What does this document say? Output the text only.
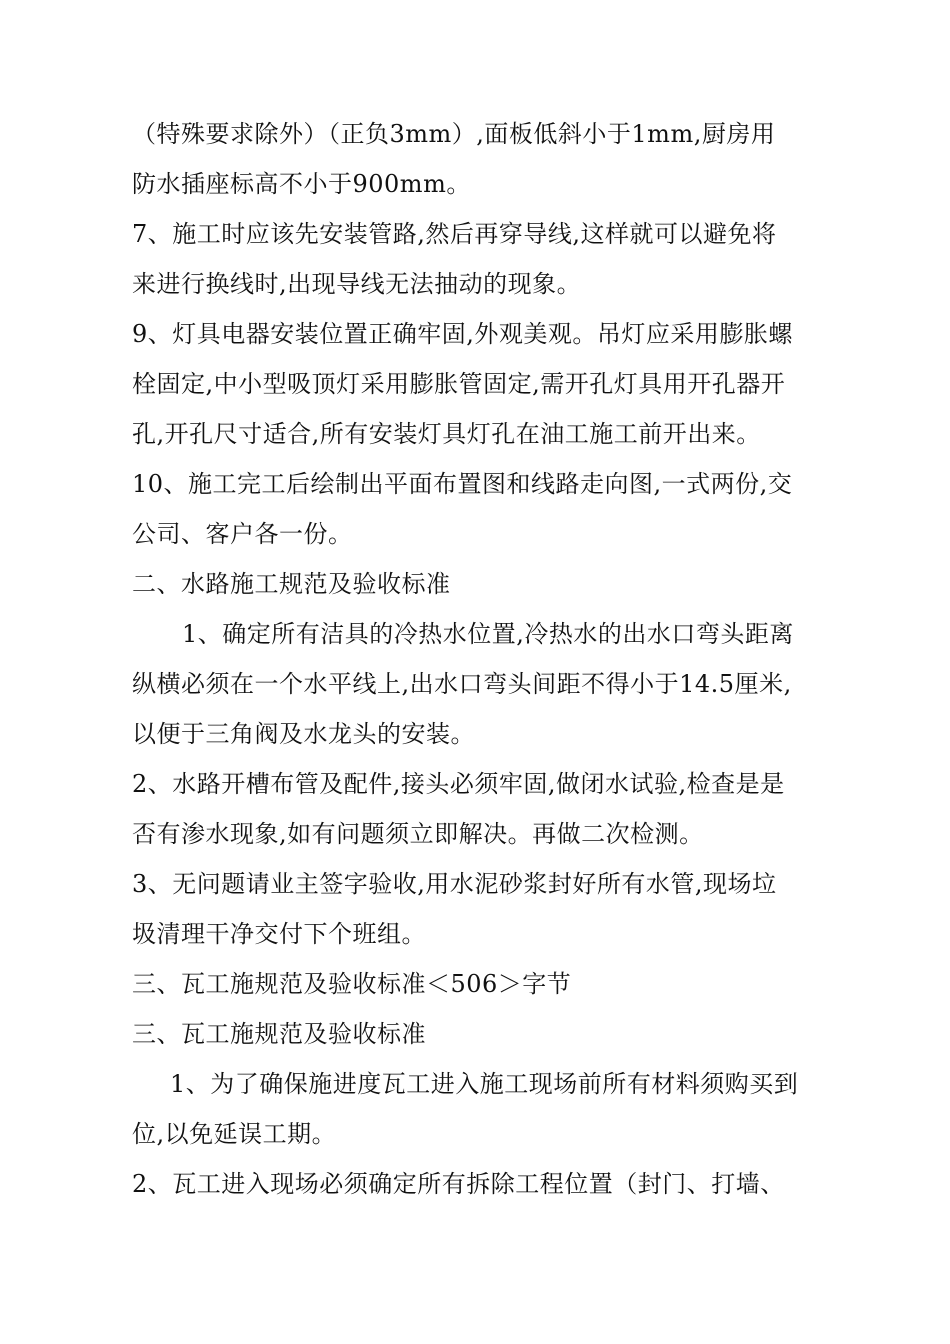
（特殊要求除外）（正负3mm）,面板低斜小于1mm,厨房用
防水插座标高不小于900mm。
7、施工时应该先安装管路,然后再穿导线,这样就可以避免将
来进行换线时,出现导线无法抽动的现象。
9、灯具电器安装位置正确牢固,外观美观。吊灯应采用膨胀螺
栓固定,中小型吸顶灯采用膨胀管固定,需开孔灯具用开孔器开
孔,开孔尺寸适合,所有安装灯具灯孔在油工施工前开出来。
10、施工完工后绘制出平面布置图和线路走向图,一式两份,交
公司、客户各一份。
二、水路施工规范及验收标准
1、确定所有洁具的冷热水位置,冷热水的出水口弯头距离
纵横必须在一个水平线上,出水口弯头间距不得小于14.5厘米,
以便于三角阀及水龙头的安装。
2、水路开槽布管及配件,接头必须牢固,做闭水试验,检查是是
否有渗水现象,如有问题须立即解决。再做二次检测。
3、无问题请业主签字验收,用水泥砂浆封好所有水管,现场垃
圾清理干净交付下个班组。
三、瓦工施规范及验收标准＜506＞字节
三、瓦工施规范及验收标准
1、为了确保施进度瓦工进入施工现场前所有材料须购买到
位,以免延误工期。
2、瓦工进入现场必须确定所有拆除工程位置（封门、打墙、
